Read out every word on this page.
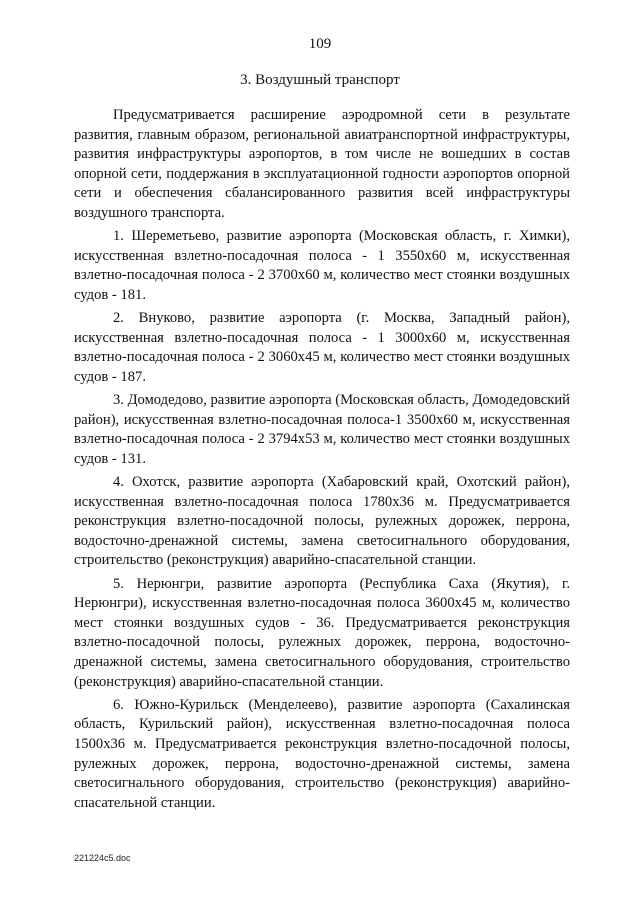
109
3. Воздушный транспорт

Предусматривается расширение аэродромной сети в результате развития, главным образом, региональной авиатранспортной инфраструктуры, развития инфраструктуры аэропортов, в том числе не вошедших в состав опорной сети, поддержания в эксплуатационной годности аэропортов опорной сети и обеспечения сбалансированного развития всей инфраструктуры воздушного транспорта.

1. Шереметьево, развитие аэропорта (Московская область, г. Химки), искусственная взлетно-посадочная полоса - 1 3550x60 м, искусственная взлетно-посадочная полоса - 2 3700x60 м, количество мест стоянки воздушных судов - 181.

2. Внуково, развитие аэропорта (г. Москва, Западный район), искусственная взлетно-посадочная полоса - 1 3000x60 м, искусственная взлетно-посадочная полоса - 2 3060x45 м, количество мест стоянки воздушных судов - 187.

3. Домодедово, развитие аэропорта (Московская область, Домодедовский район), искусственная взлетно-посадочная полоса-1 3500x60 м, искусственная взлетно-посадочная полоса - 2 3794x53 м, количество мест стоянки воздушных судов - 131.

4. Охотск, развитие аэропорта (Хабаровский край, Охотский район), искусственная взлетно-посадочная полоса 1780x36 м. Предусматривается реконструкция взлетно-посадочной полосы, рулежных дорожек, перрона, водосточно-дренажной системы, замена светосигнального оборудования, строительство (реконструкция) аварийно-спасательной станции.

5. Нерюнгри, развитие аэропорта (Республика Саха (Якутия), г. Нерюнгри), искусственная взлетно-посадочная полоса 3600x45 м, количество мест стоянки воздушных судов - 36. Предусматривается реконструкция взлетно-посадочной полосы, рулежных дорожек, перрона, водосточно-дренажной системы, замена светосигнального оборудования, строительство (реконструкция) аварийно-спасательной станции.

6. Южно-Курильск (Менделеево), развитие аэропорта (Сахалинская область, Курильский район), искусственная взлетно-посадочная полоса 1500x36 м. Предусматривается реконструкция взлетно-посадочной полосы, рулежных дорожек, перрона, водосточно-дренажной системы, замена светосигнального оборудования, строительство (реконструкция) аварийно-спасательной станции.

221224c5.doc
